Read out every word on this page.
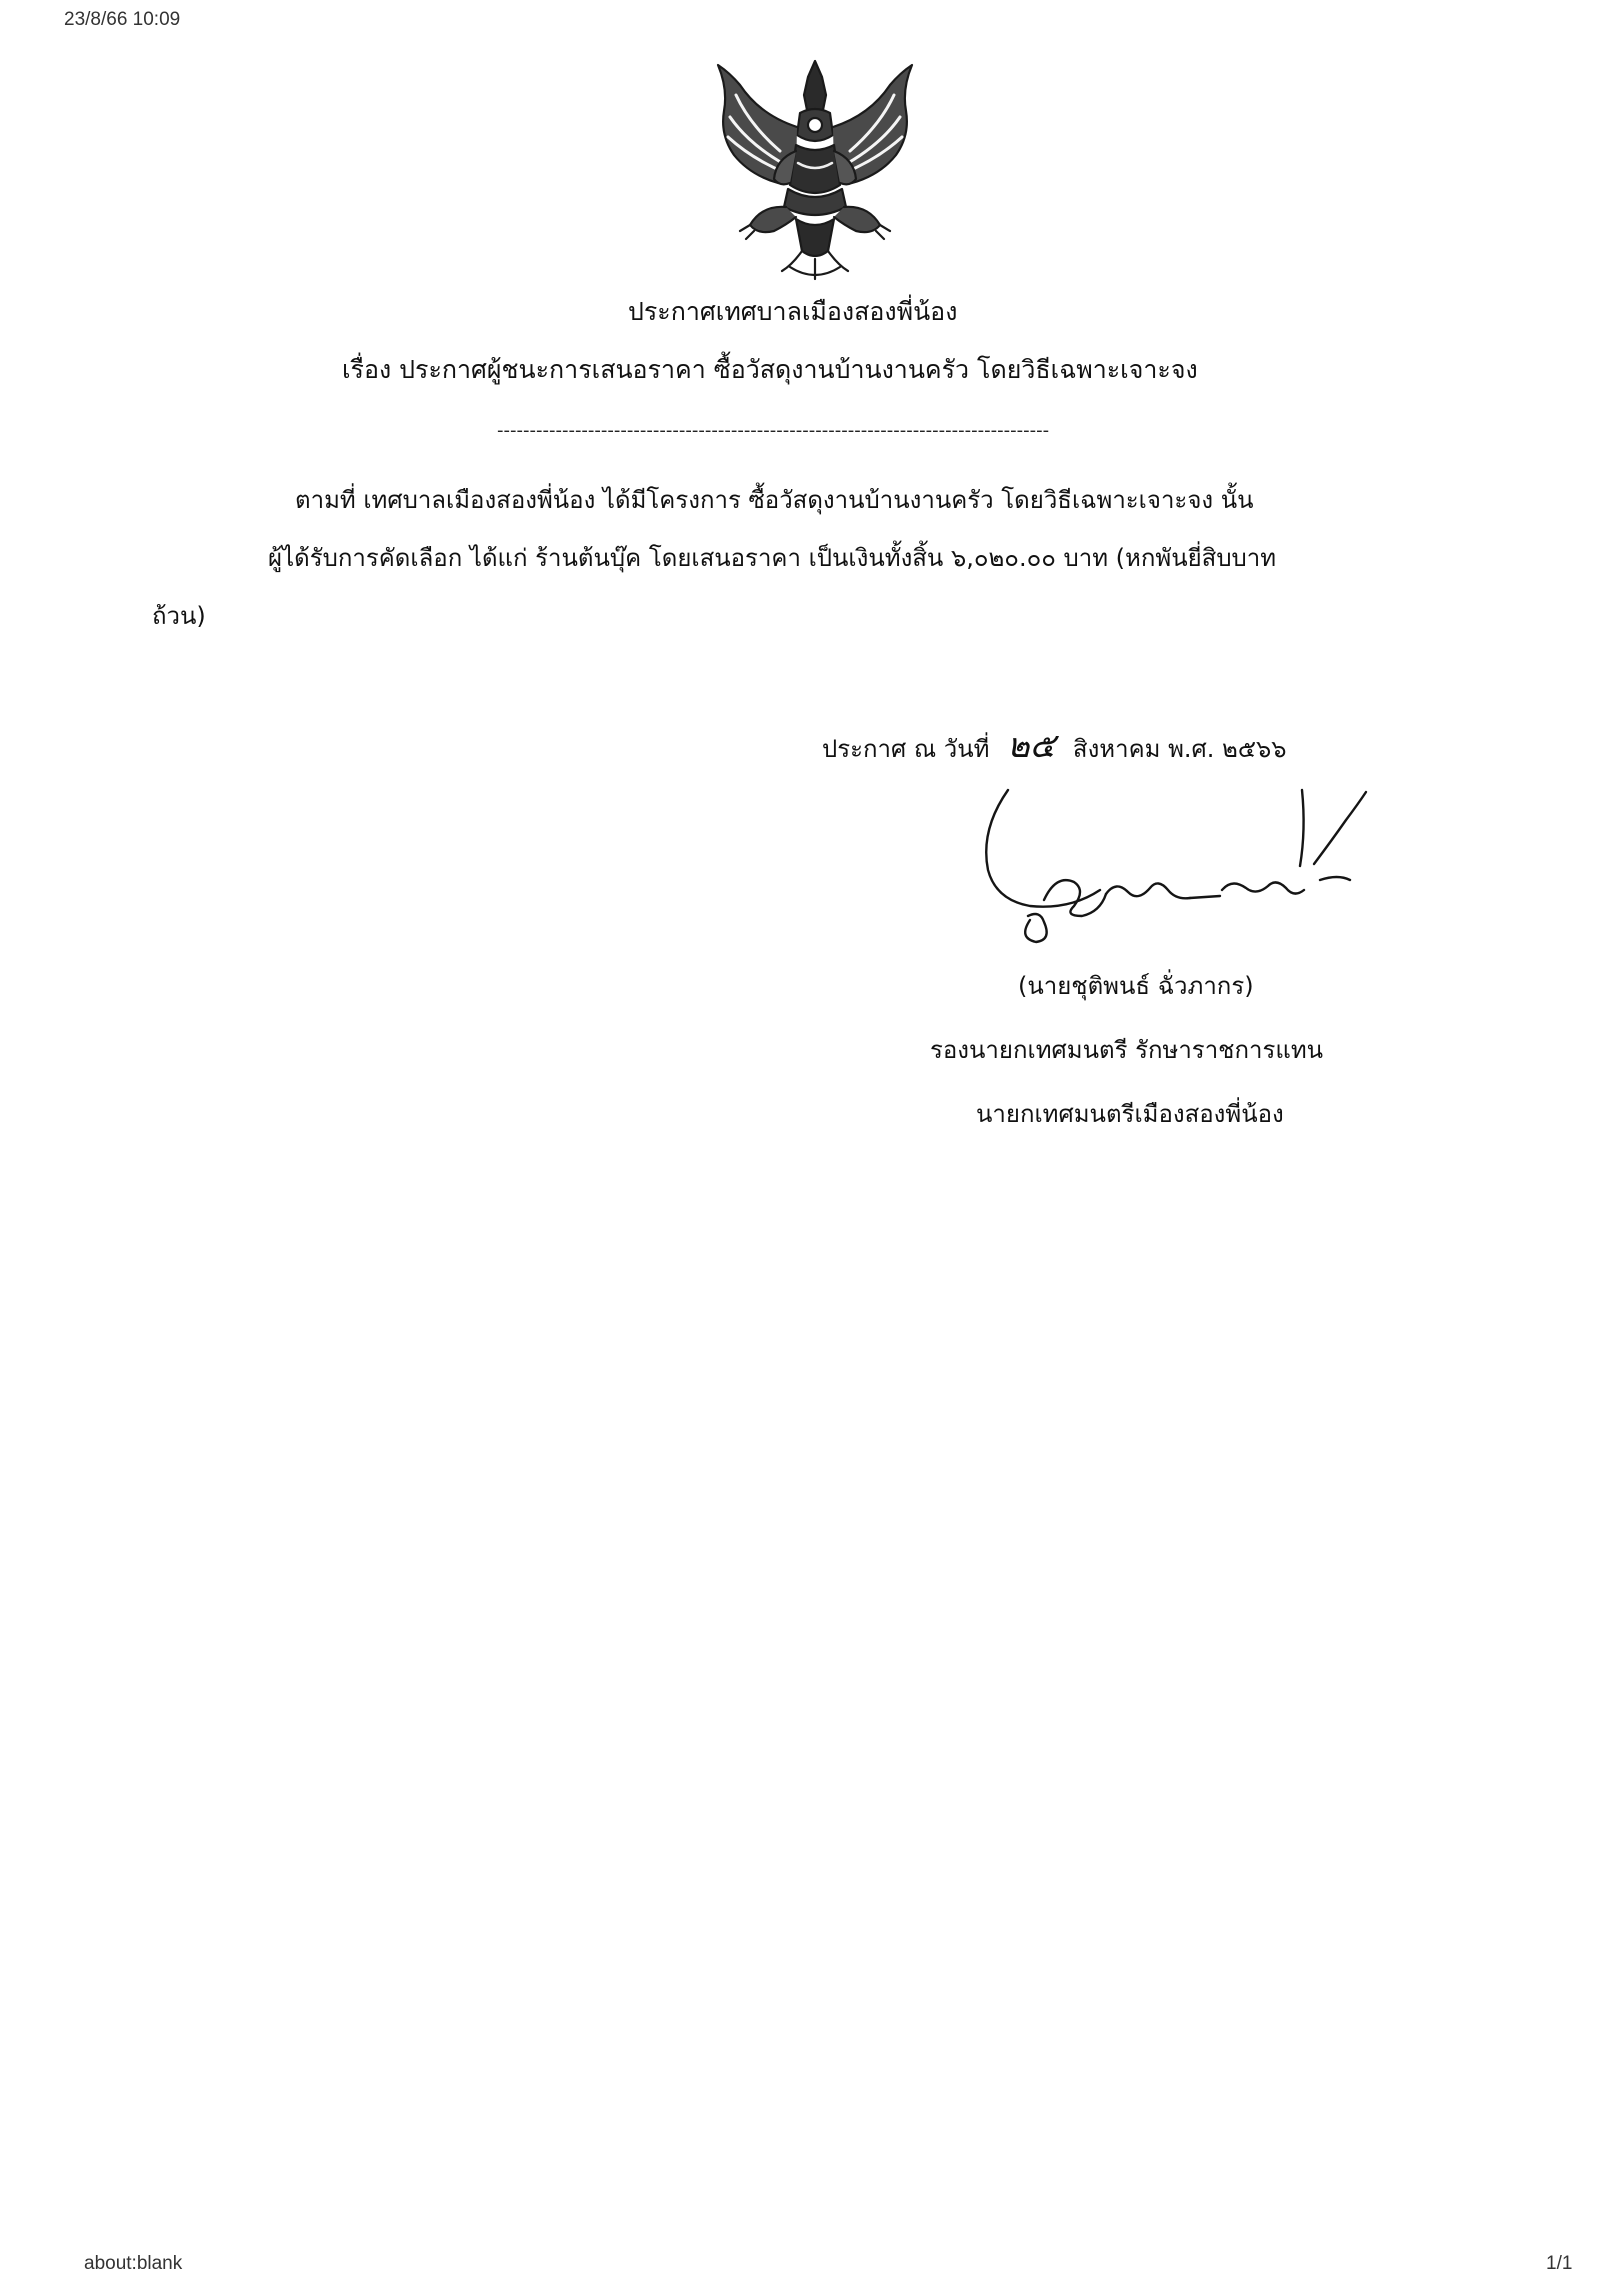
23/8/66 10:09
ประกาศเทศบาลเมืองสองพี่น้อง
เรื่อง ประกาศผู้ชนะการเสนอราคา ซื้อวัสดุงานบ้านงานครัว โดยวิธีเฉพาะเจาะจง
-------------------------------------------------------------------------------------
ตามที่ เทศบาลเมืองสองพี่น้อง ได้มีโครงการ ซื้อวัสดุงานบ้านงานครัว โดยวิธีเฉพาะเจาะจง นั้น
ผู้ได้รับการคัดเลือก ได้แก่ ร้านต้นบุ๊ค โดยเสนอราคา เป็นเงินทั้งสิ้น ๖,๐๒๐.๐๐ บาท (หกพันยี่สิบบาท
ถ้วน)
ประกาศ ณ วันที่ ๒๕ สิงหาคม พ.ศ. ๒๕๖๖
(นายชุติพนธ์ ฉั่วภากร)
รองนายกเทศมนตรี รักษาราชการแทน
นายกเทศมนตรีเมืองสองพี่น้อง
about:blank	1/1
